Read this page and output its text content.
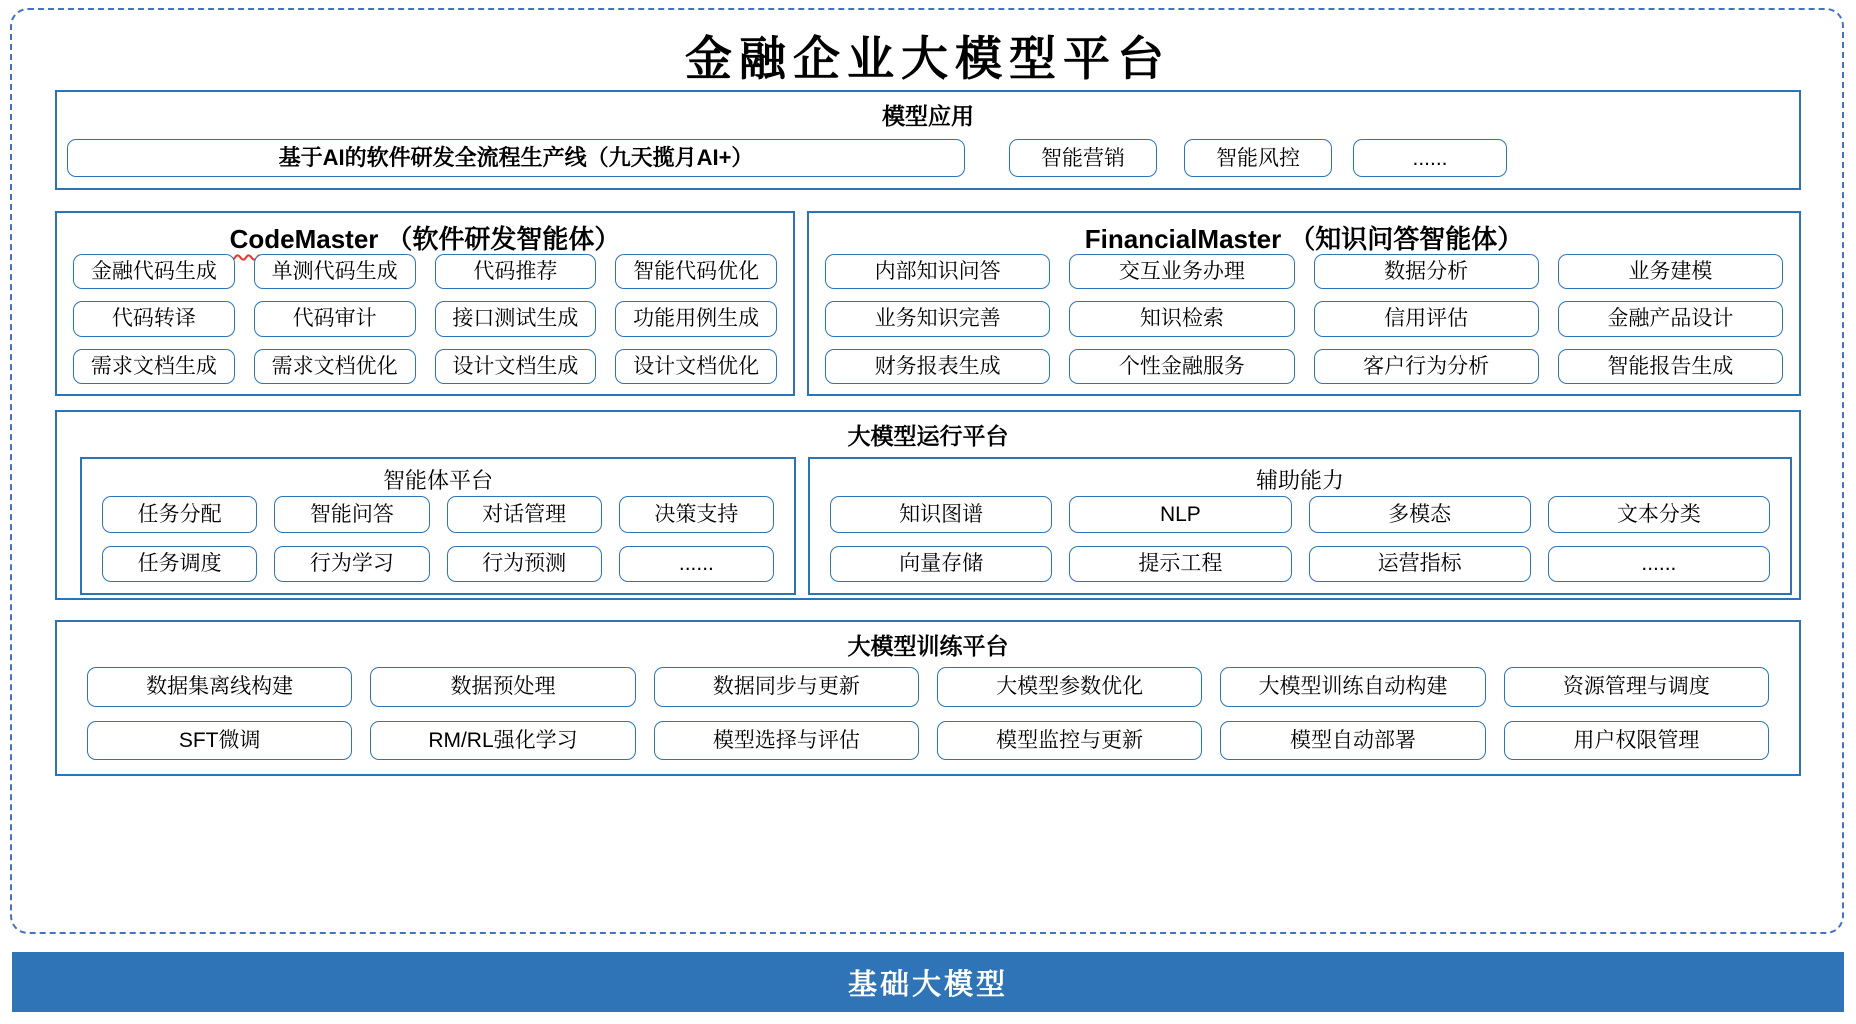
金融企业大模型平台
模型应用
基于AI的软件研发全流程生产线（九天揽月AI+）	智能营销	智能风控	......
CodeMaster （软件研发智能体）
金融代码生成	单测代码生成	代码推荐	智能代码优化
代码转译	代码审计	接口测试生成	功能用例生成
需求文档生成	需求文档优化	设计文档生成	设计文档优化
FinancialMaster （知识问答智能体）
内部知识问答	交互业务办理	数据分析	业务建模
业务知识完善	知识检索	信用评估	金融产品设计
财务报表生成	个性金融服务	客户行为分析	智能报告生成
大模型运行平台
智能体平台
任务分配	智能问答	对话管理	决策支持
任务调度	行为学习	行为预测	......
辅助能力
知识图谱	NLP	多模态	文本分类
向量存储	提示工程	运营指标	......
大模型训练平台
数据集离线构建	数据预处理	数据同步与更新	大模型参数优化	大模型训练自动构建	资源管理与调度
SFT微调	RM/RL强化学习	模型选择与评估	模型监控与更新	模型自动部署	用户权限管理
基础大模型
